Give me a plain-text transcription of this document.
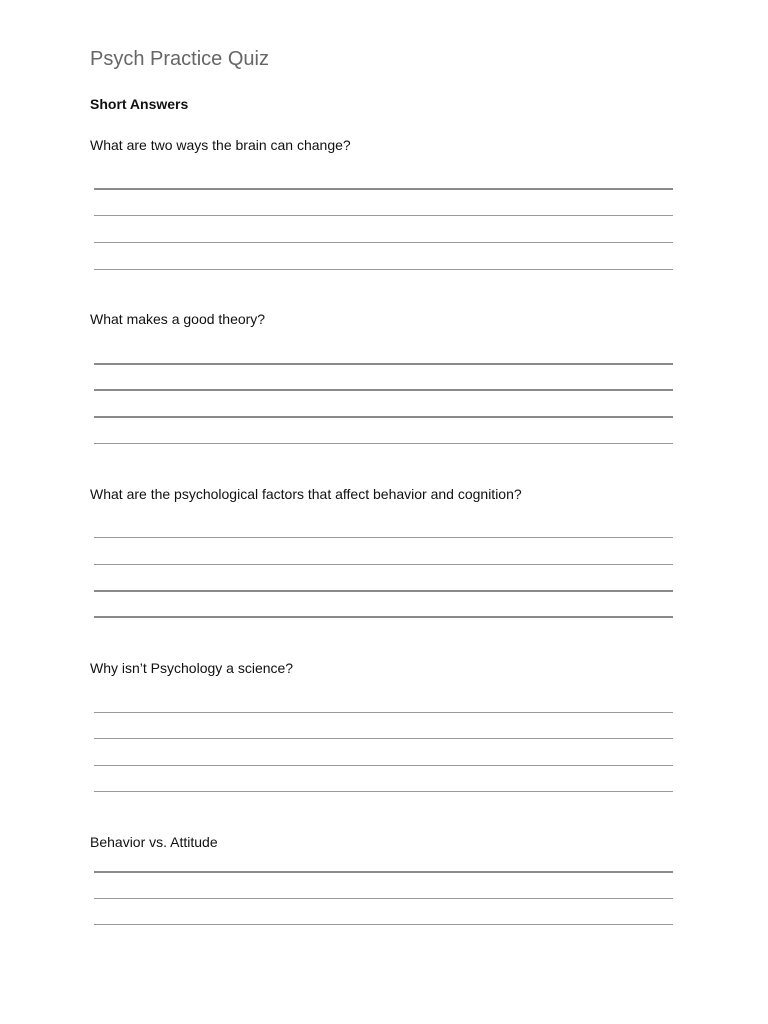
Psych Practice Quiz
Short Answers

What are two ways the brain can change?

What makes a good theory?

What are the psychological factors that affect behavior and cognition?

Why isn’t Psychology a science?

Behavior vs. Attitude
